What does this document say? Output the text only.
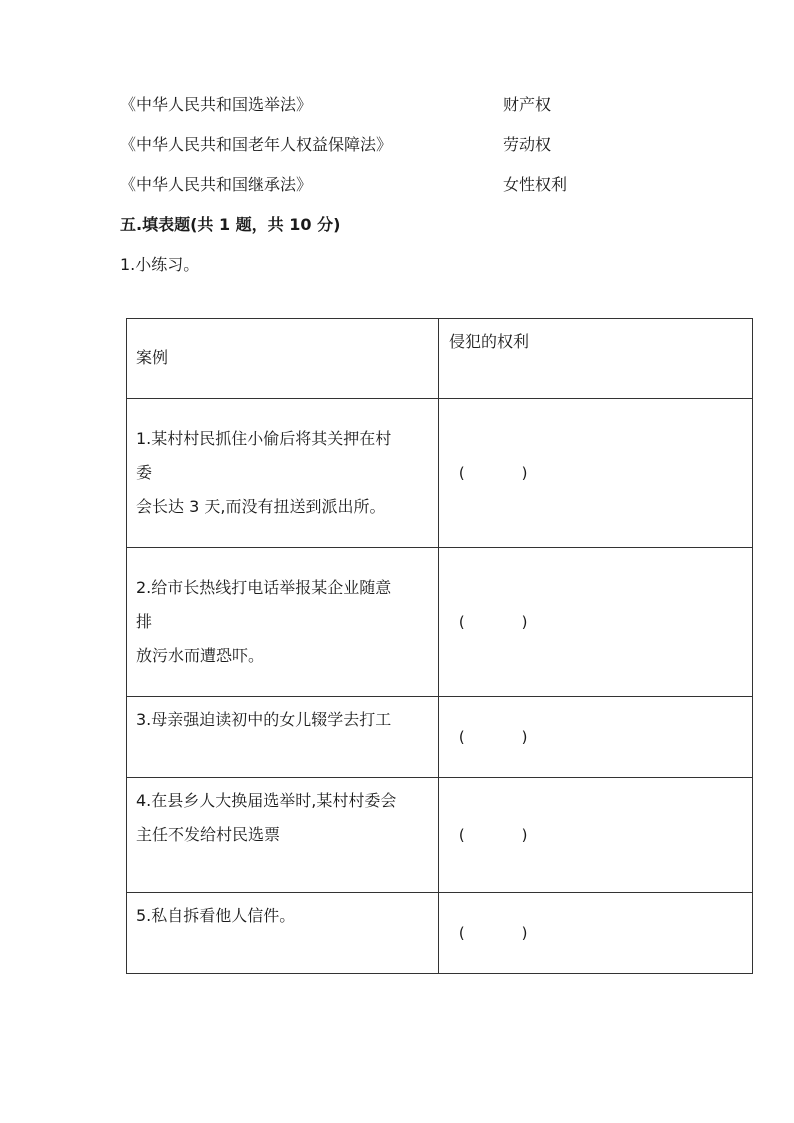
《中华人民共和国选举法》	财产权
《中华人民共和国老年人权益保障法》	劳动权
《中华人民共和国继承法》	女性权利
五.填表题(共 1 题，共 10 分)
1.小练习。
案例	侵犯的权利

1.某村村民抓住小偷后将其关押在村
委
会长达 3 天,而没有扭送到派出所。	(      )

2.给市长热线打电话举报某企业随意
排
放污水而遭恐吓。	(      )

3.母亲强迫读初中的女儿辍学去打工	(      )

4.在县乡人大换届选举时,某村村委会
主任不发给村民选票	(      )

5.私自拆看他人信件。	(      )
